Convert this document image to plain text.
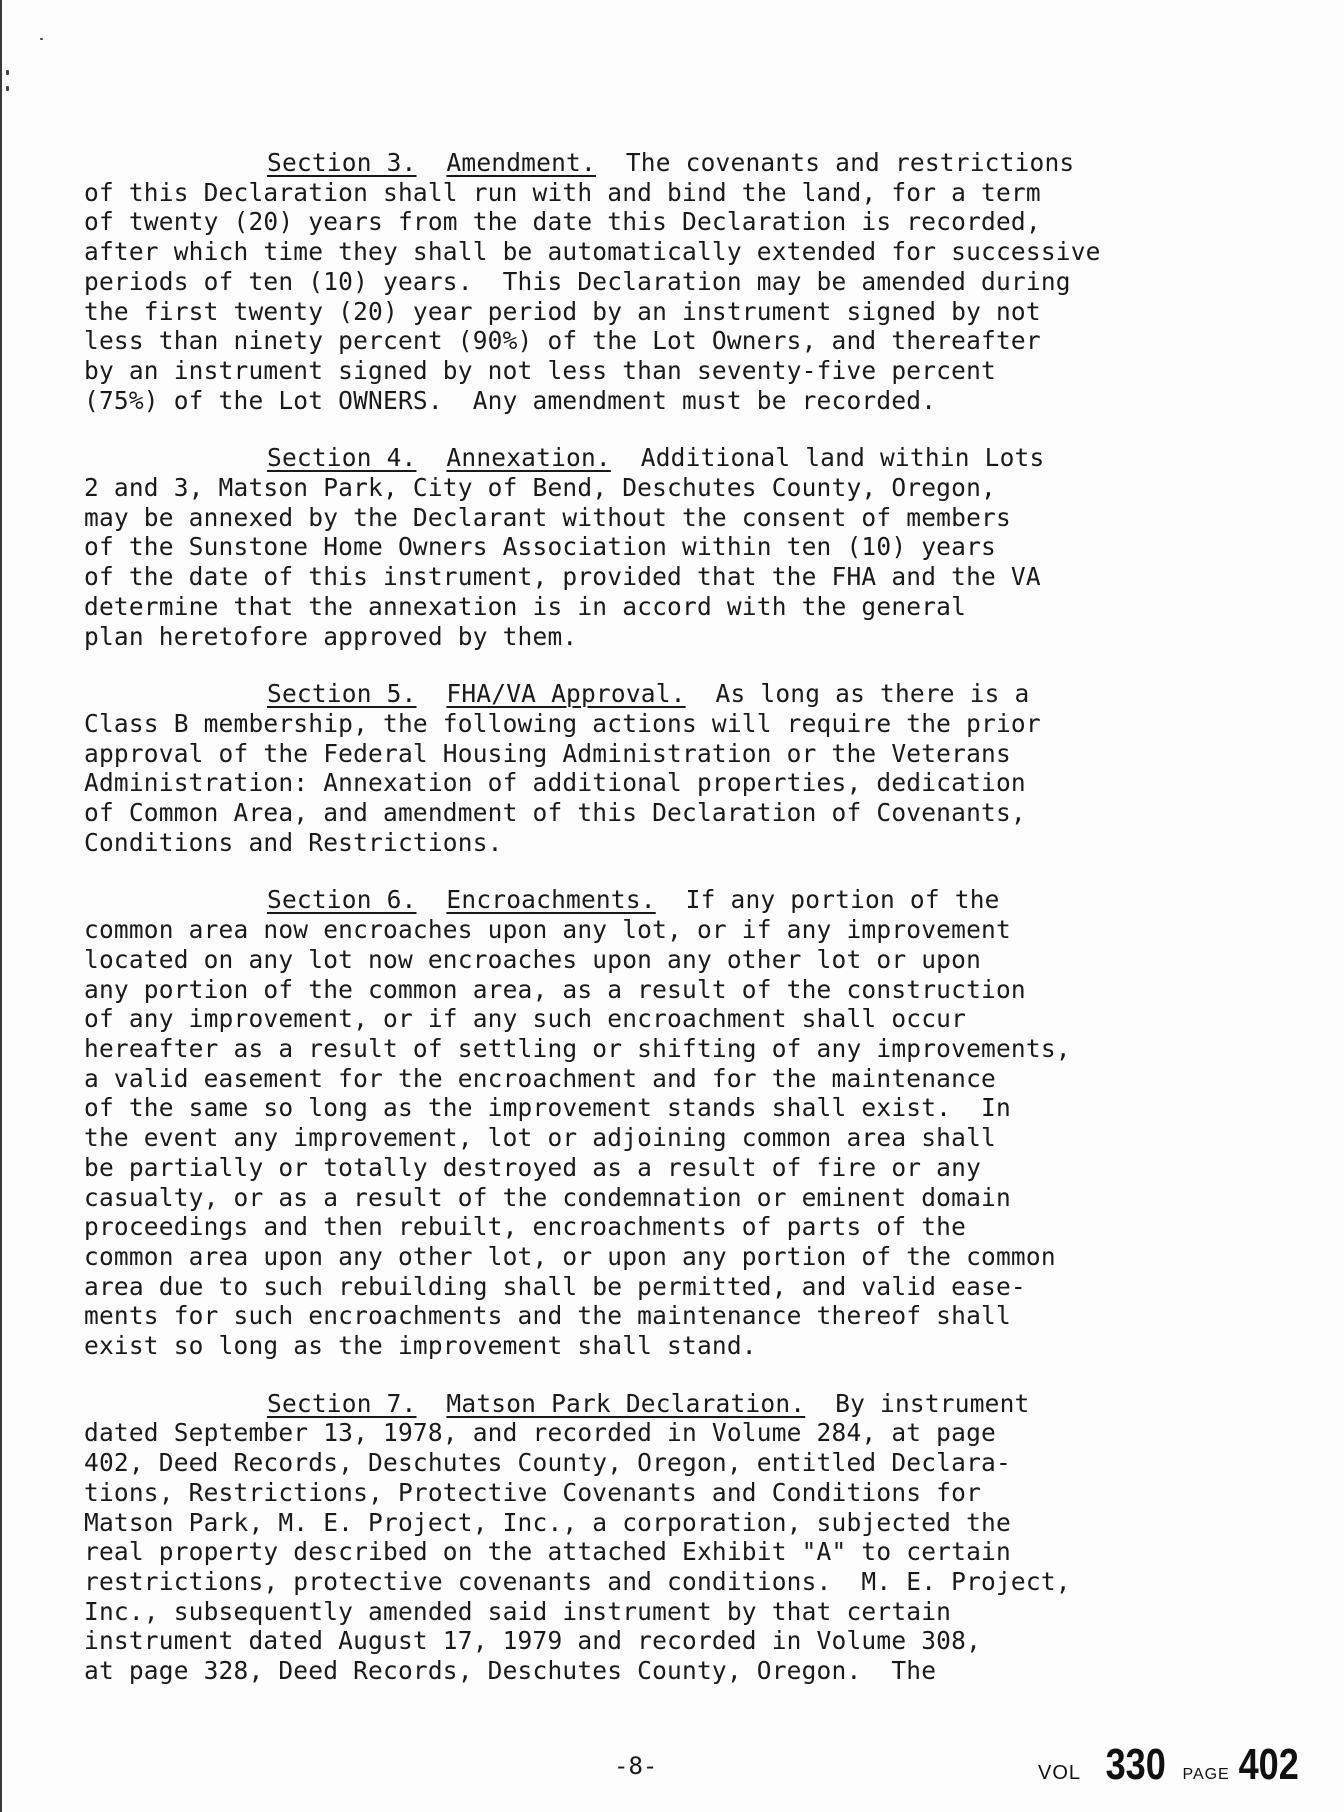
Section 3. Amendment. The covenants and restrictions

of this Declaration shall run with and bind the land, for a term

of twenty (20) years from the date this Declaration is recorded,

after which time they shall be automatically extended for successive

periods of ten (10) years.  This Declaration may be amended during

the first twenty (20) year period by an instrument signed by not

less than ninety percent (90%) of the Lot Owners, and thereafter

by an instrument signed by not less than seventy-five percent

(75%) of the Lot OWNERS.  Any amendment must be recorded.

Section 4. Annexation. Additional land within Lots

2 and 3, Matson Park, City of Bend, Deschutes County, Oregon,

may be annexed by the Declarant without the consent of members

of the Sunstone Home Owners Association within ten (10) years

of the date of this instrument, provided that the FHA and the VA

determine that the annexation is in accord with the general

plan heretofore approved by them.

Section 5. FHA/VA Approval. As long as there is a

Class B membership, the following actions will require the prior

approval of the Federal Housing Administration or the Veterans

Administration: Annexation of additional properties, dedication

of Common Area, and amendment of this Declaration of Covenants,

Conditions and Restrictions.

Section 6. Encroachments. If any portion of the

common area now encroaches upon any lot, or if any improvement

located on any lot now encroaches upon any other lot or upon

any portion of the common area, as a result of the construction

of any improvement, or if any such encroachment shall occur

hereafter as a result of settling or shifting of any improvements,

a valid easement for the encroachment and for the maintenance

of the same so long as the improvement stands shall exist.  In

the event any improvement, lot or adjoining common area shall

be partially or totally destroyed as a result of fire or any

casualty, or as a result of the condemnation or eminent domain

proceedings and then rebuilt, encroachments of parts of the

common area upon any other lot, or upon any portion of the common

area due to such rebuilding shall be permitted, and valid ease-

ments for such encroachments and the maintenance thereof shall

exist so long as the improvement shall stand.

Section 7. Matson Park Declaration. By instrument

dated September 13, 1978, and recorded in Volume 284, at page

402, Deed Records, Deschutes County, Oregon, entitled Declara-

tions, Restrictions, Protective Covenants and Conditions for

Matson Park, M. E. Project, Inc., a corporation, subjected the

real property described on the attached Exhibit "A" to certain

restrictions, protective covenants and conditions.  M. E. Project,

Inc., subsequently amended said instrument by that certain

instrument dated August 17, 1979 and recorded in Volume 308,

at page 328, Deed Records, Deschutes County, Oregon.  The

-8-	VOL 330 PAGE 402
